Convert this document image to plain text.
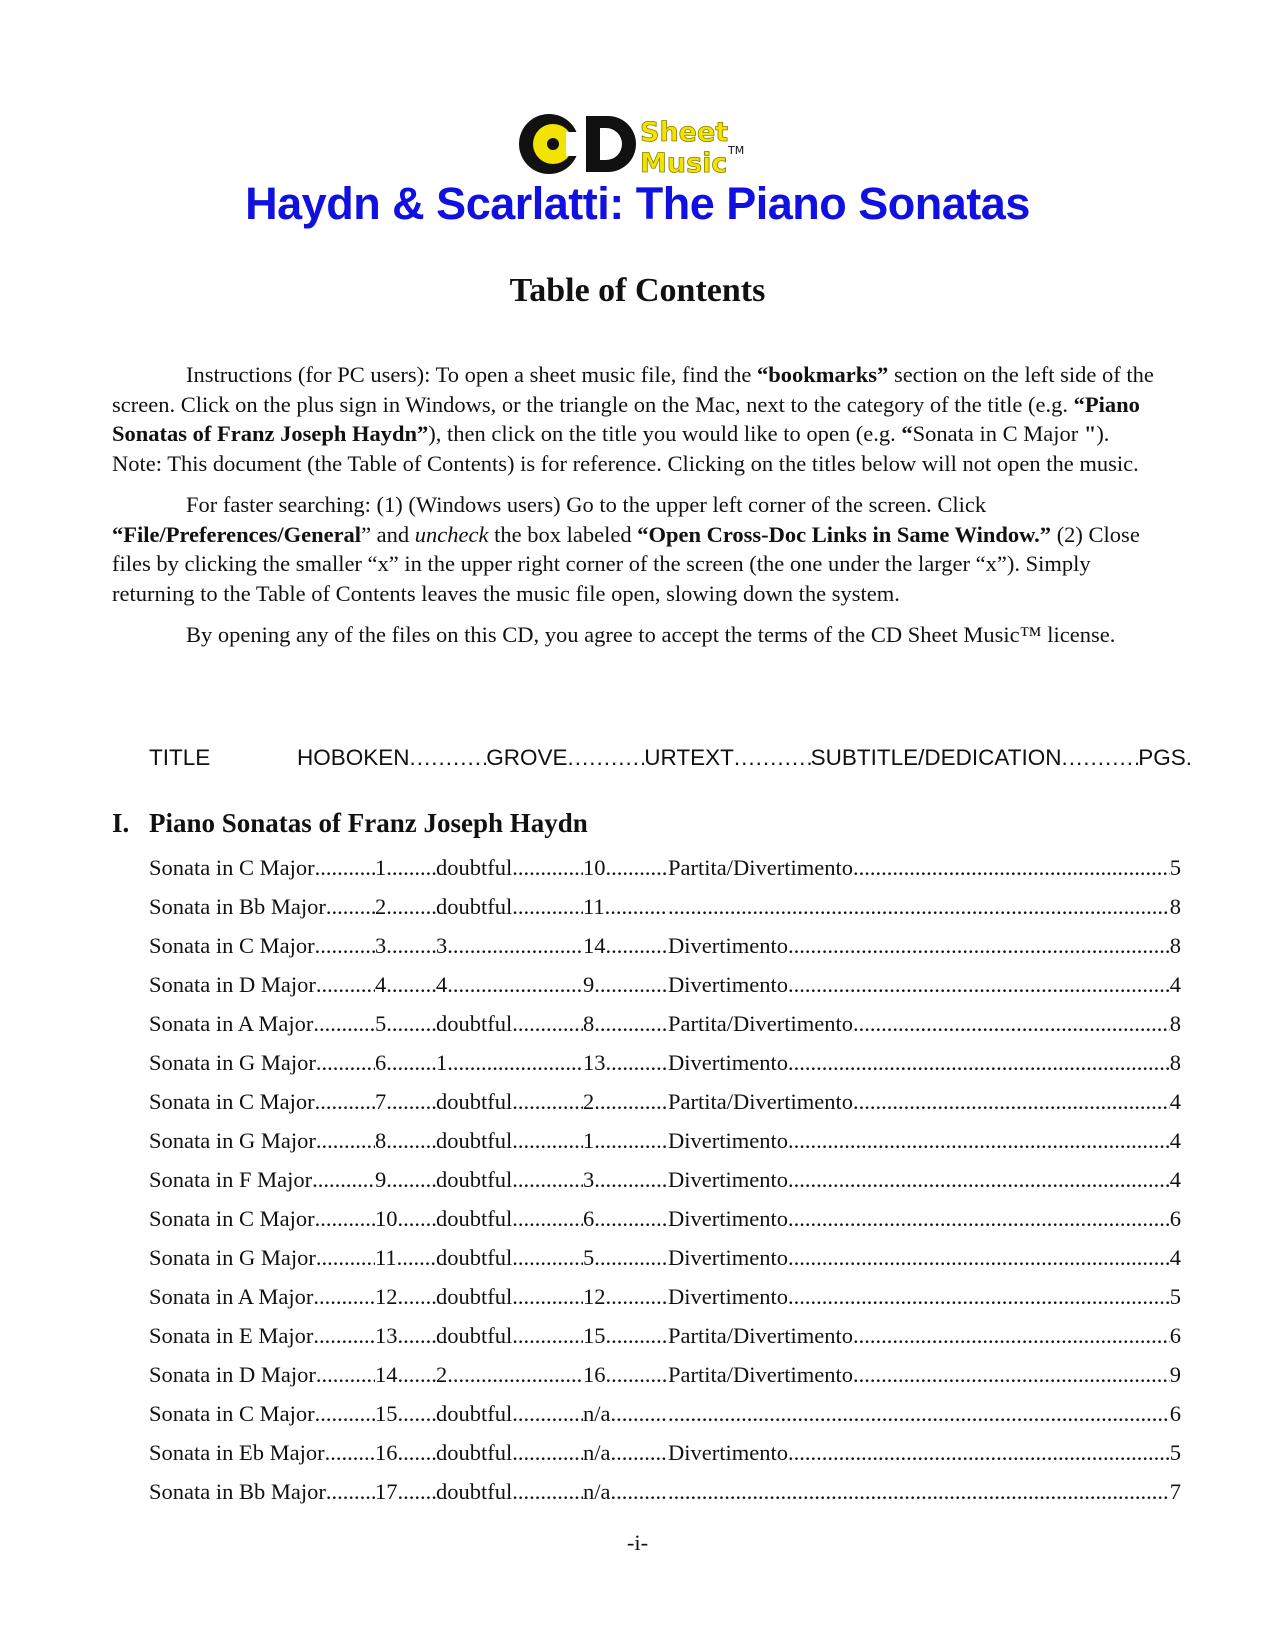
Sheet
Music TM
Haydn & Scarlatti: The Piano Sonatas
Table of Contents

Instructions (for PC users): To open a sheet music file, find the “bookmarks” section on the left side of the screen. Click on the plus sign in Windows, or the triangle on the Mac, next to the category of the title (e.g. “Piano Sonatas of Franz Joseph Haydn”), then click on the title you would like to open (e.g. “Sonata in C Major "). Note: This document (the Table of Contents) is for reference. Clicking on the titles below will not open the music.

For faster searching: (1) (Windows users) Go to the upper left corner of the screen. Click “File/Preferences/General” and uncheck the box labeled “Open Cross-Doc Links in Same Window.” (2) Close files by clicking the smaller “x” in the upper right corner of the screen (the one under the larger “x”). Simply returning to the Table of Contents leaves the music file open, slowing down the system.

By opening any of the files on this CD, you agree to accept the terms of the CD Sheet Music™ license.

TITLE	HOBOKEN .....	GROVE .....	URTEXT .....	SUBTITLE/DEDICATION .....	PGS.
I. Piano Sonatas of Franz Joseph Haydn
Sonata in C Major .....	1 ..... doubtful .....	10 .....	Partita/Divertimento .....	5
Sonata in Bb Major ..... 2 ..... doubtful .....	11 ..... .....	8
Sonata in C Major .....	3 ..... 3 .....	14 .....	Divertimento .....	8
Sonata in D Major .....	4 ..... 4 .....	9 .....	Divertimento .....	4
Sonata in A Major .....	5 ..... doubtful .....	8 .....	Partita/Divertimento .....	8
Sonata in G Major .....	6 ..... 1 .....	13 .....	Divertimento .....	8
Sonata in C Major .....	7 ..... doubtful .....	2 .....	Partita/Divertimento .....	4
Sonata in G Major .....	8 ..... doubtful .....	1 .....	Divertimento .....	4
Sonata in F Major .....	9 ..... doubtful .....	3 .....	Divertimento .....	4
Sonata in C Major .....	10 ..... doubtful .....	6 .....	Divertimento .....	6
Sonata in G Major .....	11 ..... doubtful .....	5 .....	Divertimento .....	4
Sonata in A Major .....	12 ..... doubtful .....	12 .....	Divertimento .....	5
Sonata in E Major .....	13 ..... doubtful .....	15 .....	Partita/Divertimento .....	6
Sonata in D Major .....	14 ..... 2 .....	16 .....	Partita/Divertimento .....	9
Sonata in C Major .....	15 ..... doubtful .....	n/a ..... .....	6
Sonata in Eb Major ..... 16 ..... doubtful .....	n/a .....	Divertimento .....	5
Sonata in Bb Major ..... 17 ..... doubtful .....	n/a ..... .....	7
-i-
